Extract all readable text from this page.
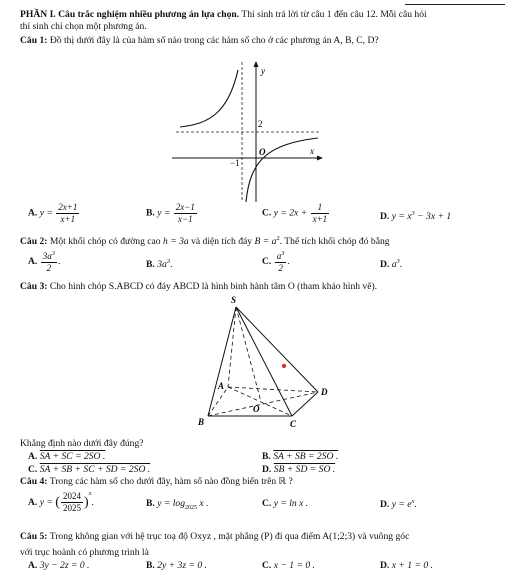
PHẦN I. Câu trắc nghiệm nhiều phương án lựa chọn. Thí sinh trả lời từ câu 1 đến câu 12. Mỗi câu hỏi
thí sinh chỉ chọn một phương án.
Câu 1: Đồ thị dưới đây là của hàm số nào trong các hàm số cho ở các phương án A, B, C, D?
y
x
2
O
−1
A. $y = \frac{2x+1}{x+1}$	B. $y = \frac{2x-1}{x-1}$	C. $y = 2x + \frac{1}{x+1}$	D. $y = x^3 - 3x + 1$
Câu 2: Một khối chóp có đường cao h = 3a và diện tích đáy $B = a^2$. Thể tích khối chóp đó bằng
A. $\frac{3a^3}{2}$ .	B. $3a^3$.	C. $\frac{a^3}{2}$ .	D. $a^3$.
Câu 3: Cho hình chóp S.ABCD có đáy ABCD là hình bình hành tâm O (tham khảo hình vẽ).
S
A
B	C
D
O
Khẳng định nào dưới đây đúng?
A. SA + SC = 2SO .	B. SA + SB = 2SO .
C. SA + SB + SC + SD = 2SO .	D. SB + SD = SO .
Câu 4: Trong các hàm số cho dưới đây, hàm số nào đồng biến trên ℝ ?
A. y = ( $\frac{2024}{2025} )^x$.	B. $y = \log_{2025} x$ .	C. y = ln x .	D. $y = e^x$.
Câu 5: Trong không gian với hệ trục toạ độ Oxyz , mặt phẳng (P) đi qua điểm A(1;2;3) và vuông góc
với trục hoành có phương trình là
A. 3y − 2z = 0 .	B. 2y + 3z = 0 .	C. x − 1 = 0 .	D. x + 1 = 0 .
